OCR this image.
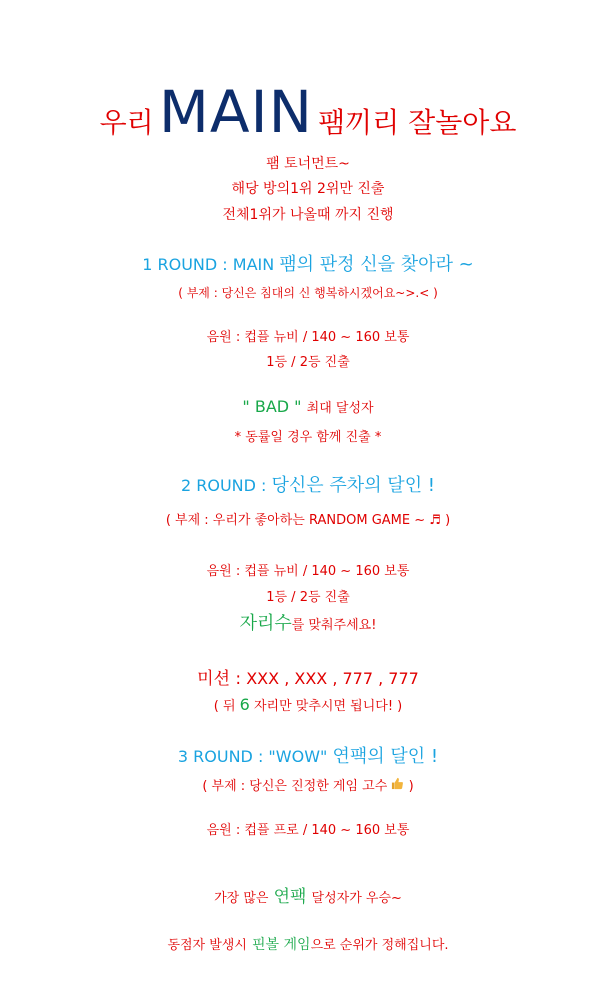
우리 MAIN 팸끼리 잘놀아요
팸 토너먼트~
해당 방의1위 2위만 진출
전체1위가 나올때 까지 진행
1 ROUND : MAIN 팸의 판정 신을 찾아라 ~
( 부제 : 당신은 침대의 신 행복하시겠어요~>.< )
음원 : 컵플 뉴비 / 140 ~ 160 보통
1등 / 2등 진출
" BAD " 최대 달성자
* 동률일 경우 함께 진출 *
2 ROUND : 당신은 주차의 달인 !
( 부제 : 우리가 좋아하는 RANDOM GAME ~ ♬ )
음원 : 컵플 뉴비 / 140 ~ 160 보통
1등 / 2등 진출
자리수를 맞춰주세요!
미션 : XXX , XXX , 777 , 777
( 뒤 6 자리만 맞추시면 됩니다! )
3 ROUND : "WOW" 연팩의 달인 !
( 부제 : 당신은 진정한 게임 고수 )
음원 : 컵플 프로 / 140 ~ 160 보통
가장 많은 연팩 달성자가 우승~
동점자 발생시 핀볼 게임으로 순위가 정해집니다.
